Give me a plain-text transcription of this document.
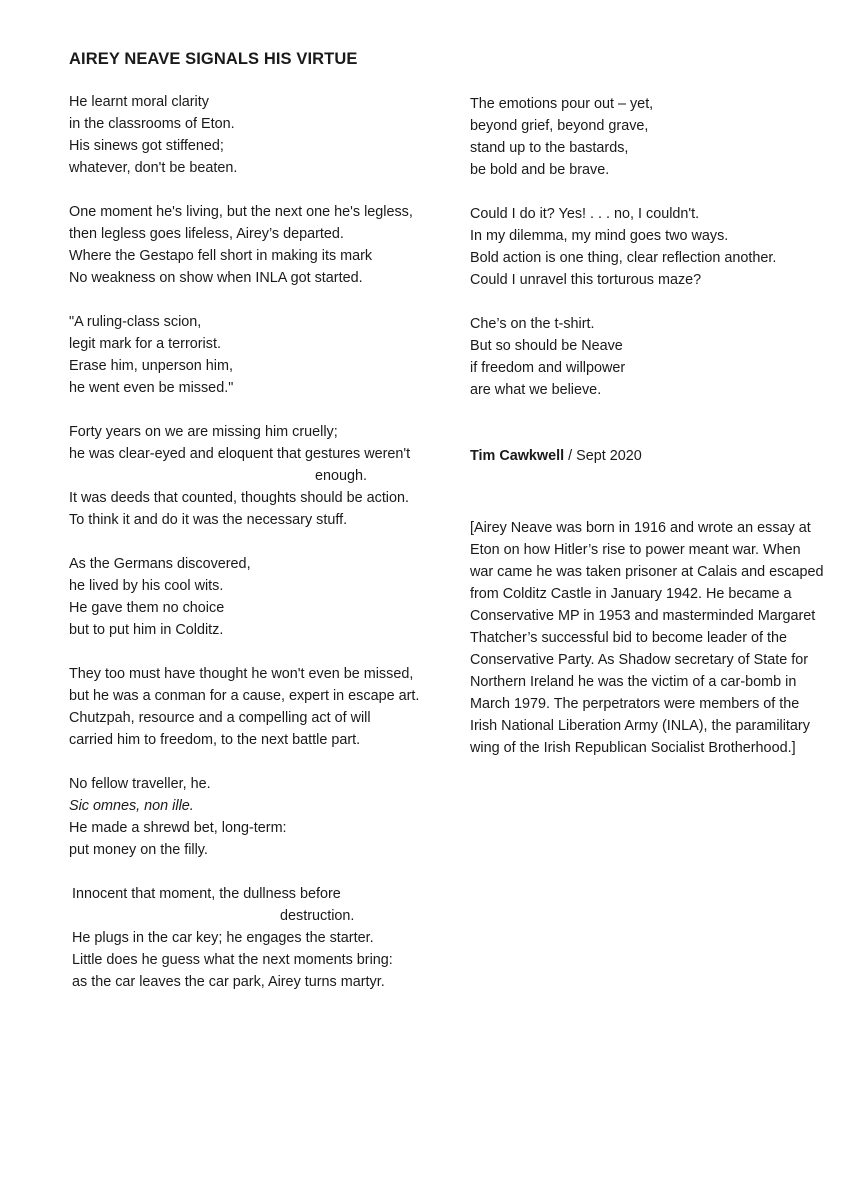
AIREY NEAVE SIGNALS HIS VIRTUE
He learnt moral clarity
in the classrooms of Eton.
His sinews got stiffened;
whatever, don't be beaten.
One moment he's living, but the next one he's legless,
then legless goes lifeless, Airey’s departed.
Where the Gestapo fell short in making its mark
No weakness on show when INLA got started.
"A ruling-class scion,
legit mark for a terrorist.
Erase him, unperson him,
he went even be missed."
Forty years on we are missing him cruelly;
he was clear-eyed and eloquent that gestures weren't
enough.
It was deeds that counted, thoughts should be action.
To think it and do it was the necessary stuff.
As the Germans discovered,
he lived by his cool wits.
He gave them no choice
but to put him in Colditz.
They too must have thought he won't even be missed,
but he was a conman for a cause, expert in escape art.
Chutzpah, resource and a compelling act of will
carried him to freedom, to the next battle part.
No fellow traveller, he.
Sic omnes, non ille.
He made a shrewd bet, long-term:
put money on the filly.
Innocent that moment, the dullness before
destruction.
He plugs in the car key; he engages the starter.
Little does he guess what the next moments bring:
as the car leaves the car park, Airey turns martyr.
The emotions pour out – yet,
beyond grief, beyond grave,
stand up to the bastards,
be bold and be brave.
Could I do it? Yes! . . . no, I couldn't.
In my dilemma, my mind goes two ways.
Bold action is one thing, clear reflection another.
Could I unravel this torturous maze?
Che’s on the t-shirt.
But so should be Neave
if freedom and willpower
are what we believe.
Tim Cawkwell / Sept 2020
[Airey Neave was born in 1916 and wrote an essay at Eton on how Hitler’s rise to power meant war. When war came he was taken prisoner at Calais and escaped from Colditz Castle in January 1942. He became a Conservative MP in 1953 and masterminded Margaret Thatcher’s successful bid to become leader of the Conservative Party. As Shadow secretary of State for Northern Ireland he was the victim of a car-bomb in March 1979. The perpetrators were members of the Irish National Liberation Army (INLA), the paramilitary wing of the Irish Republican Socialist Brotherhood.]
